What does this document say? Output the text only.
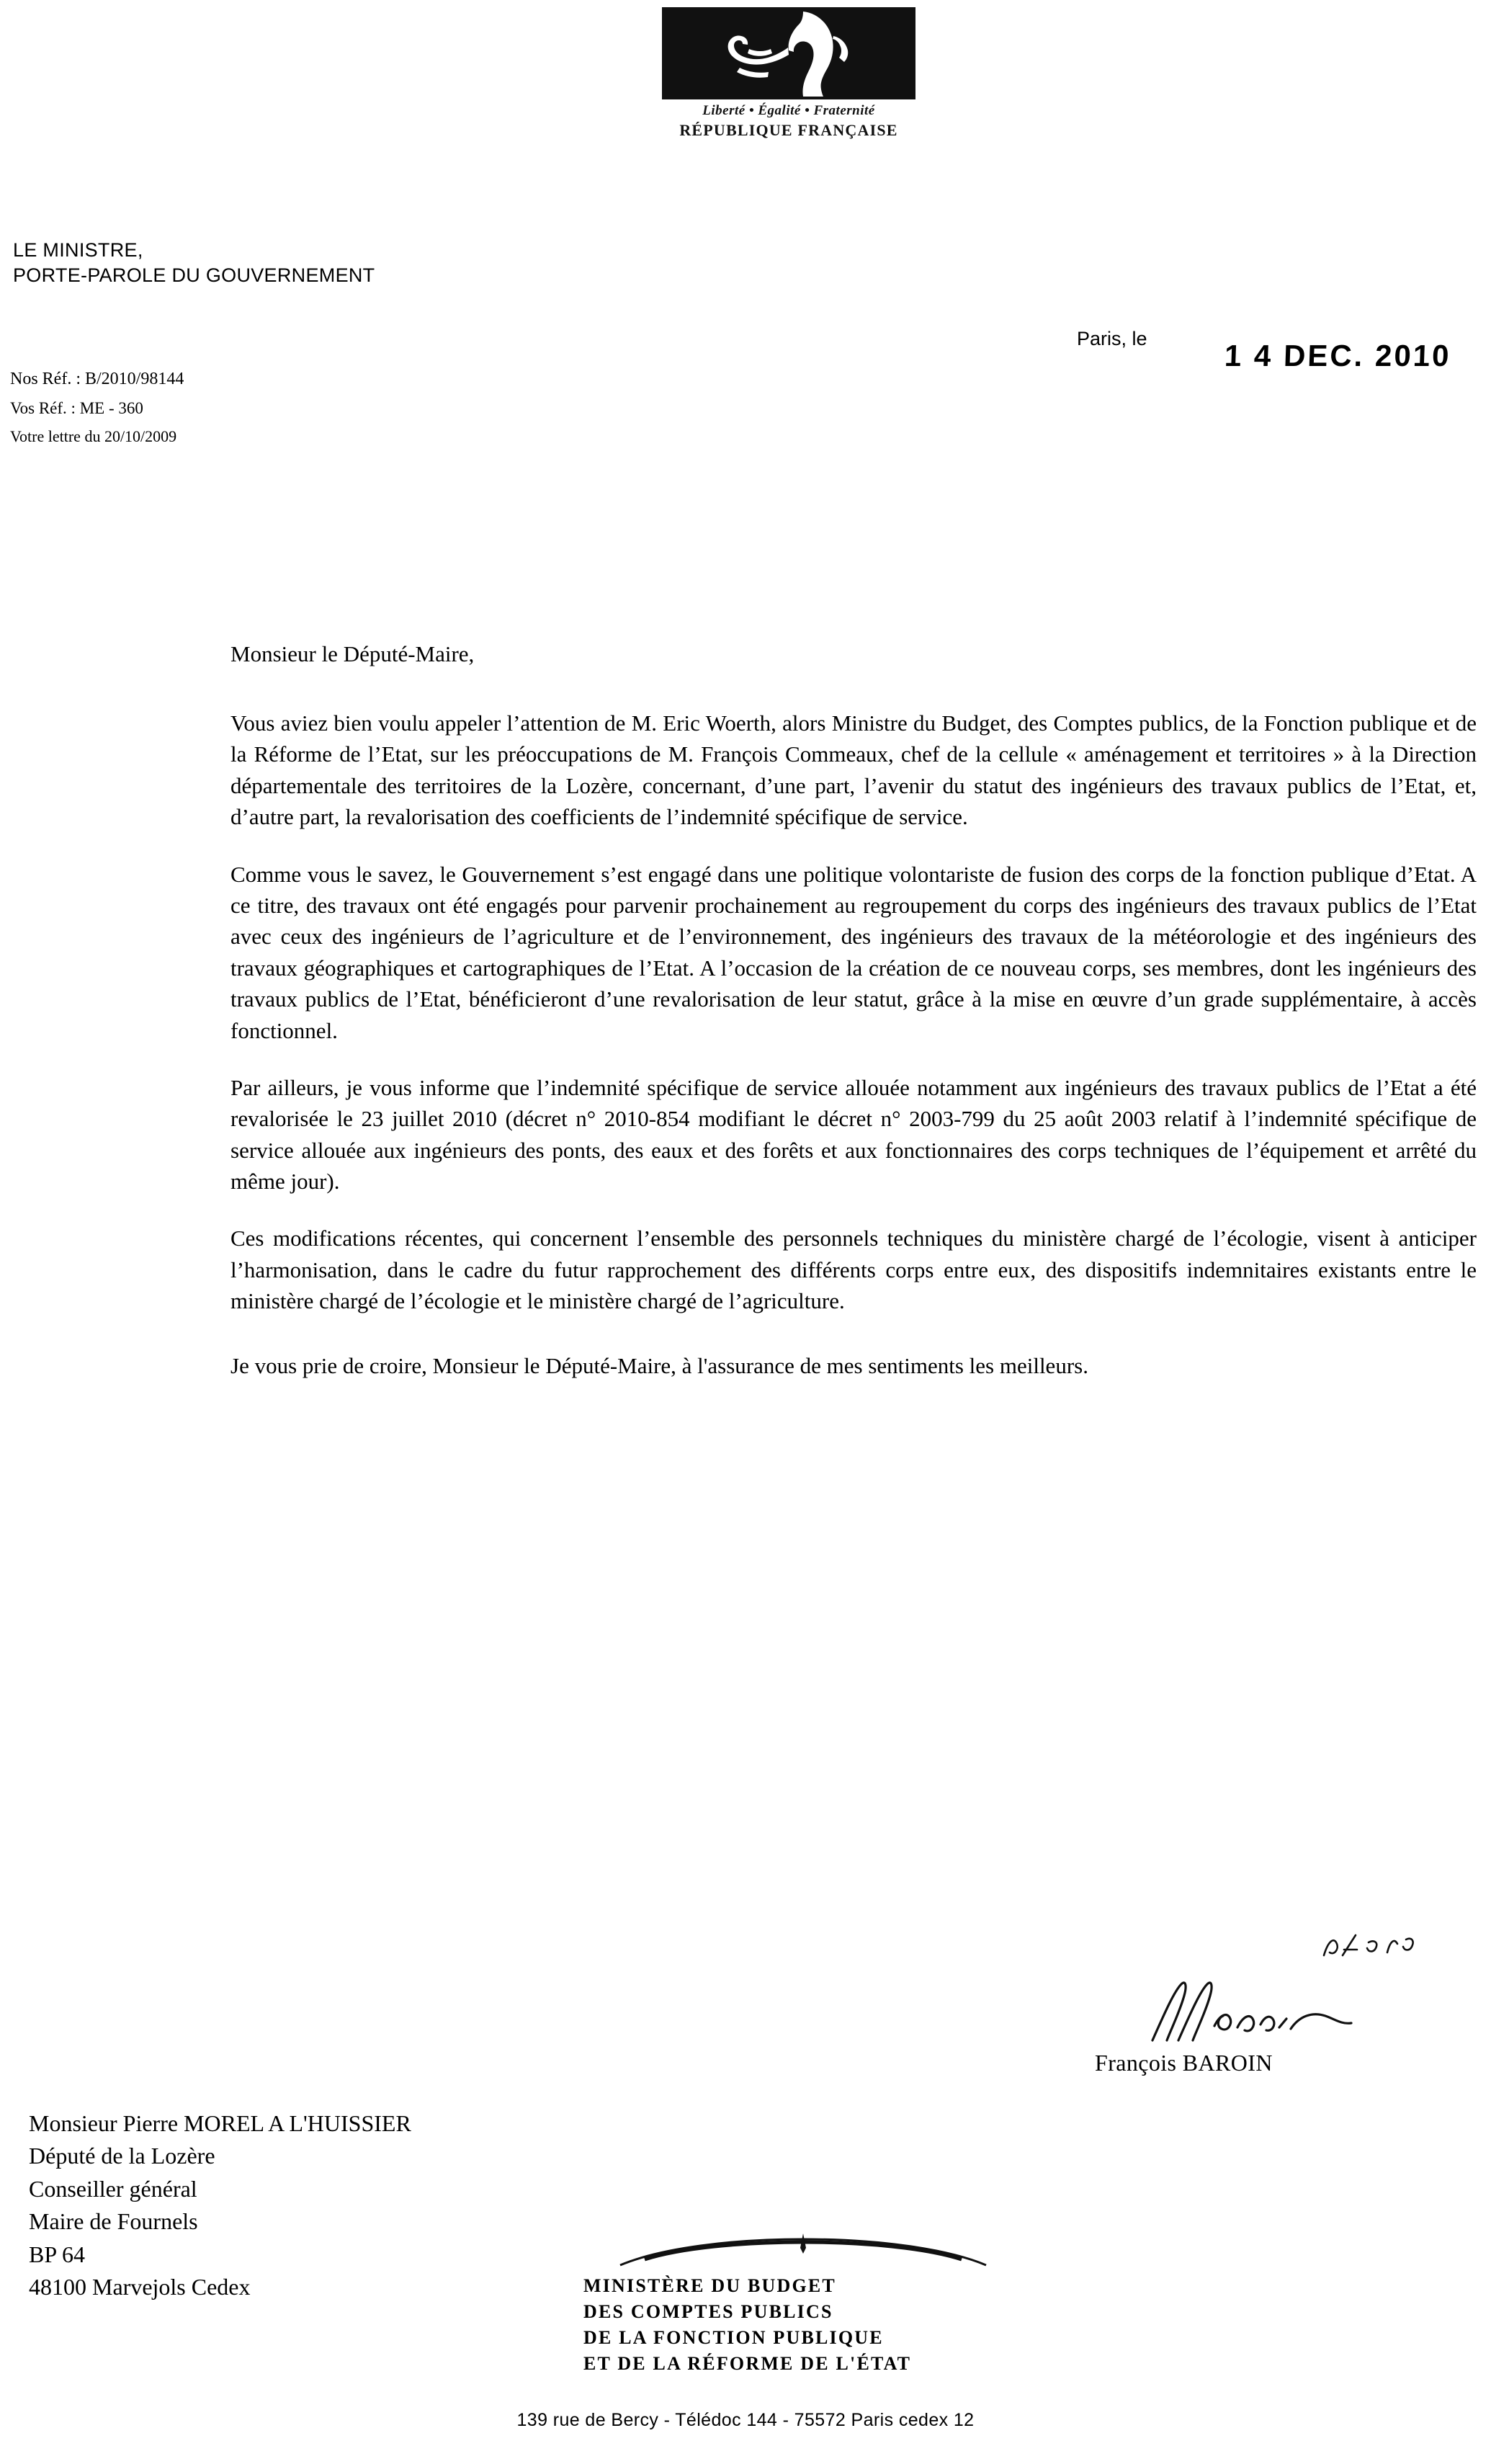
Liberté • Égalité • Fraternité
RÉPUBLIQUE FRANÇAISE
LE MINISTRE,
PORTE-PAROLE DU GOUVERNEMENT
Nos Réf. : B/2010/98144
Vos Réf. : ME - 360
Votre lettre du 20/10/2009
Paris, le	1 4 DEC. 2010
Monsieur le Député-Maire,
Vous aviez bien voulu appeler l’attention de M. Eric Woerth, alors Ministre du Budget, des Comptes publics, de la Fonction publique et de la Réforme de l’Etat, sur les préoccupations de M. François Commeaux, chef de la cellule « aménagement et territoires » à la Direction départementale des territoires de la Lozère, concernant, d’une part, l’avenir du statut des ingénieurs des travaux publics de l’Etat, et, d’autre part, la revalorisation des coefficients de l’indemnité spécifique de service.
Comme vous le savez, le Gouvernement s’est engagé dans une politique volontariste de fusion des corps de la fonction publique d’Etat. A ce titre, des travaux ont été engagés pour parvenir prochainement au regroupement du corps des ingénieurs des travaux publics de l’Etat avec ceux des ingénieurs de l’agriculture et de l’environnement, des ingénieurs des travaux de la météorologie et des ingénieurs des travaux géographiques et cartographiques de l’Etat. A l’occasion de la création de ce nouveau corps, ses membres, dont les ingénieurs des travaux publics de l’Etat, bénéficieront d’une revalorisation de leur statut, grâce à la mise en œuvre d’un grade supplémentaire, à accès fonctionnel.
Par ailleurs, je vous informe que l’indemnité spécifique de service allouée notamment aux ingénieurs des travaux publics de l’Etat a été revalorisée le 23 juillet 2010 (décret n° 2010-854 modifiant le décret n° 2003-799 du 25 août 2003 relatif à l’indemnité spécifique de service allouée aux ingénieurs des ponts, des eaux et des forêts et aux fonctionnaires des corps techniques de l’équipement et arrêté du même jour).
Ces modifications récentes, qui concernent l’ensemble des personnels techniques du ministère chargé de l’écologie, visent à anticiper l’harmonisation, dans le cadre du futur rapprochement des différents corps entre eux, des dispositifs indemnitaires existants entre le ministère chargé de l’écologie et le ministère chargé de l’agriculture.
Je vous prie de croire, Monsieur le Député-Maire, à l'assurance de mes sentiments les meilleurs.
François BAROIN
Monsieur Pierre MOREL A L'HUISSIER
Député de la Lozère
Conseiller général
Maire de Fournels
BP 64
48100 Marvejols Cedex	MINISTÈRE DU BUDGET
DES COMPTES PUBLICS
DE LA FONCTION PUBLIQUE
ET DE LA RÉFORME DE L'ÉTAT
139 rue de Bercy - Télédoc 144 - 75572 Paris cedex 12
